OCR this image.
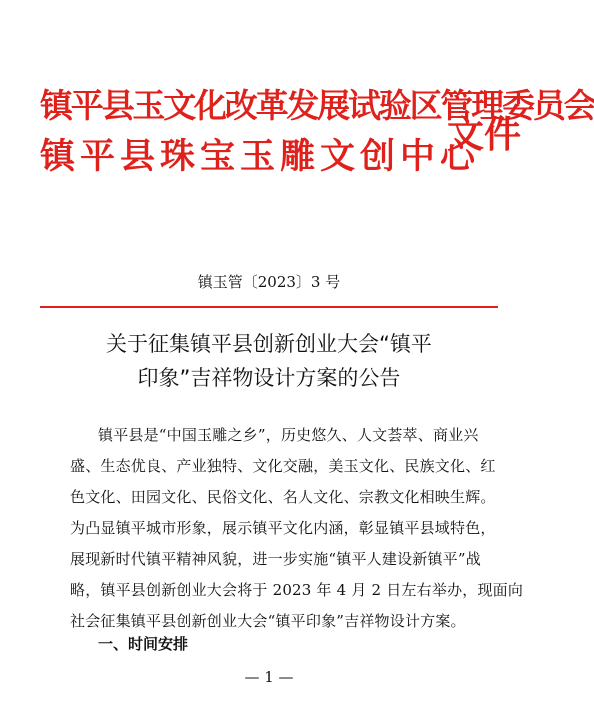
镇平县玉文化改革发展试验区管理委员会
镇平县珠宝玉雕文创中心
文件
镇玉管〔2023〕3 号
关于征集镇平县创新创业大会“镇平
印象”吉祥物设计方案的公告
镇平县是“中国玉雕之乡”，历史悠久、人文荟萃、商业兴
盛、生态优良、产业独特、文化交融，美玉文化、民族文化、红
色文化、田园文化、民俗文化、名人文化、宗教文化相映生辉。
为凸显镇平城市形象，展示镇平文化内涵，彰显镇平县域特色，
展现新时代镇平精神风貌，进一步实施“镇平人建设新镇平”战
略，镇平县创新创业大会将于 2023 年 4 月 2 日左右举办，现面向
社会征集镇平县创新创业大会“镇平印象”吉祥物设计方案。
一、时间安排
— 1 —
